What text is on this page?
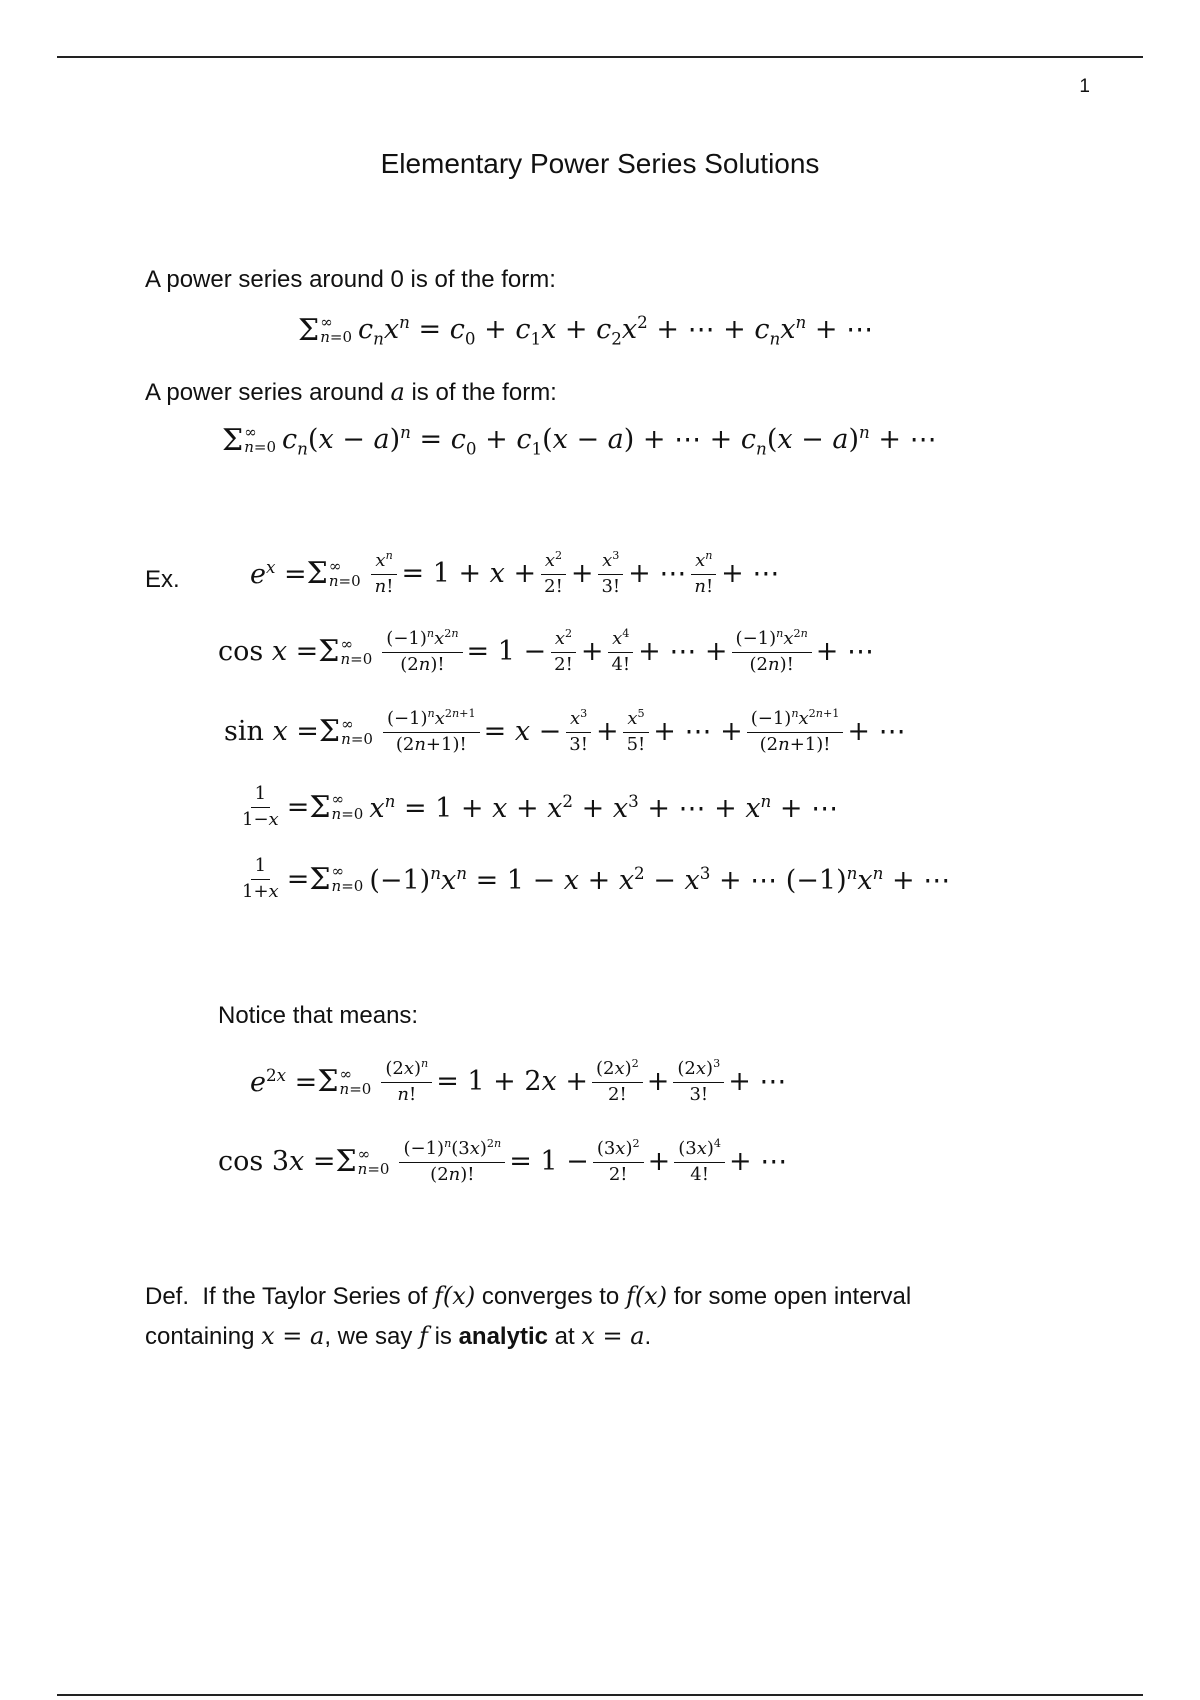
1
Elementary Power Series Solutions
A power series around 0 is of the form:
Σ ∞
n=0 $c_nx^n = c_0 + c_1x + c_2x^2$ + ⋯ + $c_nx^n$ + ⋯
A power series around a is of the form:
Σ ∞
n=0 $c_n(x - a)^n = c_0 + c_1(x - a)$ + ⋯ + $c_n(x - a)^n$ + ⋯
Ex.	$e^x = \Sigma$ ∞
$n=0 \frac{x^n}{n!} = 1 + x + \frac{x^2}{2!} + \frac{x^3}{3!}$ + ⋯ $\frac{x^n}{n!}$ + ⋯
cos x = Σ ∞
$n=0 \frac{(-1)^nx^{2n}}{(2n)!} = 1 - \frac{x^2}{2!} + \frac{x^4}{4!}$ + ⋯ + $\frac{(-1)^nx^{2n}}{(2n)!}$ + ⋯
sin x = Σ ∞
$n=0 \frac{(-1)^nx^{2n+1}}{(2n+1)!} = x - \frac{x^3}{3!} + \frac{x^5}{5!}$ + ⋯ + $\frac{(-1)^nx^{2n+1}}{(2n+1)!}$ + ⋯
$\frac{1}{1-x} = \Sigma$ ∞
n=0 $x^n = 1 + x + x^2 + x^3$ + ⋯ + $x^n$ + ⋯
$\frac{1}{1+x} = \Sigma$ ∞
n=0 $(-1)^nx^n = 1 - x + x^2 - x^3$ + ⋯ $(-1)^nx^n$ + ⋯
Notice that means:
$e^{2x} = \Sigma$ ∞
$n=0 \frac{(2x)^n}{n!} = 1 + 2x + \frac{(2x)^2}{2!} + \frac{(2x)^3}{3!}$ + ⋯
cos 3x = Σ ∞
$n=0 \frac{(-1)^n(3x)^{2n}}{(2n)!} = 1 - \frac{(3x)^2}{2!} + \frac{(3x)^4}{4!}$ + ⋯
Def. If the Taylor Series of f(x) converges to f(x) for some open interval
containing x = a, we say f is analytic at x = a.
